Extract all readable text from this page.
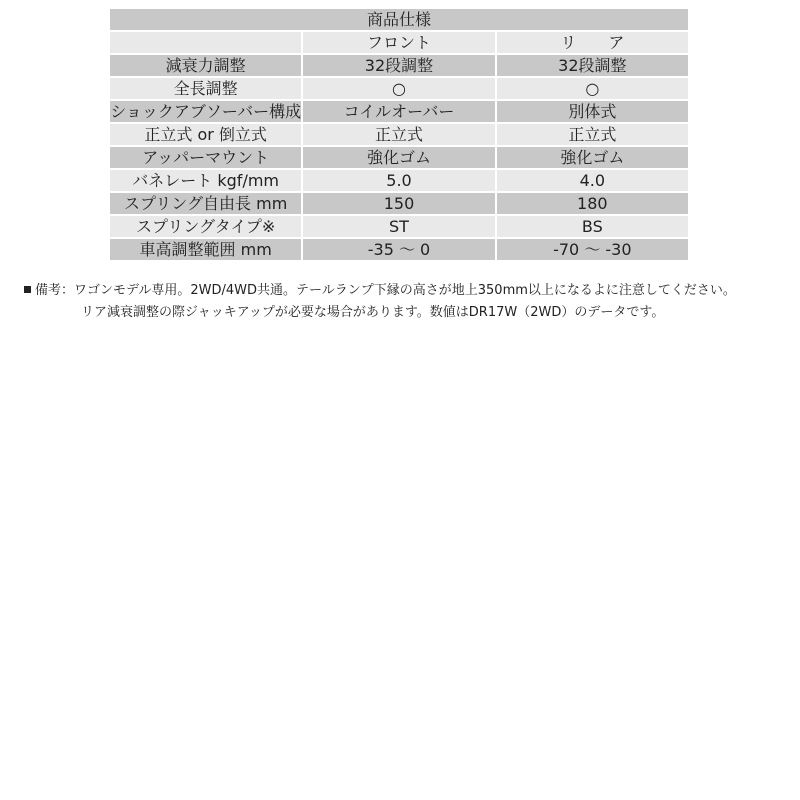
商品仕様		
	フロント	リ　　ア
減衰力調整	32段調整	32段調整
全長調整	○	○
ショックアブソーバー構成	コイルオーバー	別体式
正立式 or 倒立式	正立式	正立式
アッパーマウント	強化ゴム	強化ゴム
バネレート kgf/mm	5.0	4.0
スプリング自由長 mm	150	180
スプリングタイプ※	ST	BS
車高調整範囲 mm	-35 ～ 0	-70 ～ -30
備考：ワゴンモデル専用。2WD/4WD共通。テールランプ下縁の高さが地上350mm以上になるよに注意してください。
リア減衰調整の際ジャッキアップが必要な場合があります。数値はDR17W（2WD）のデータです。
